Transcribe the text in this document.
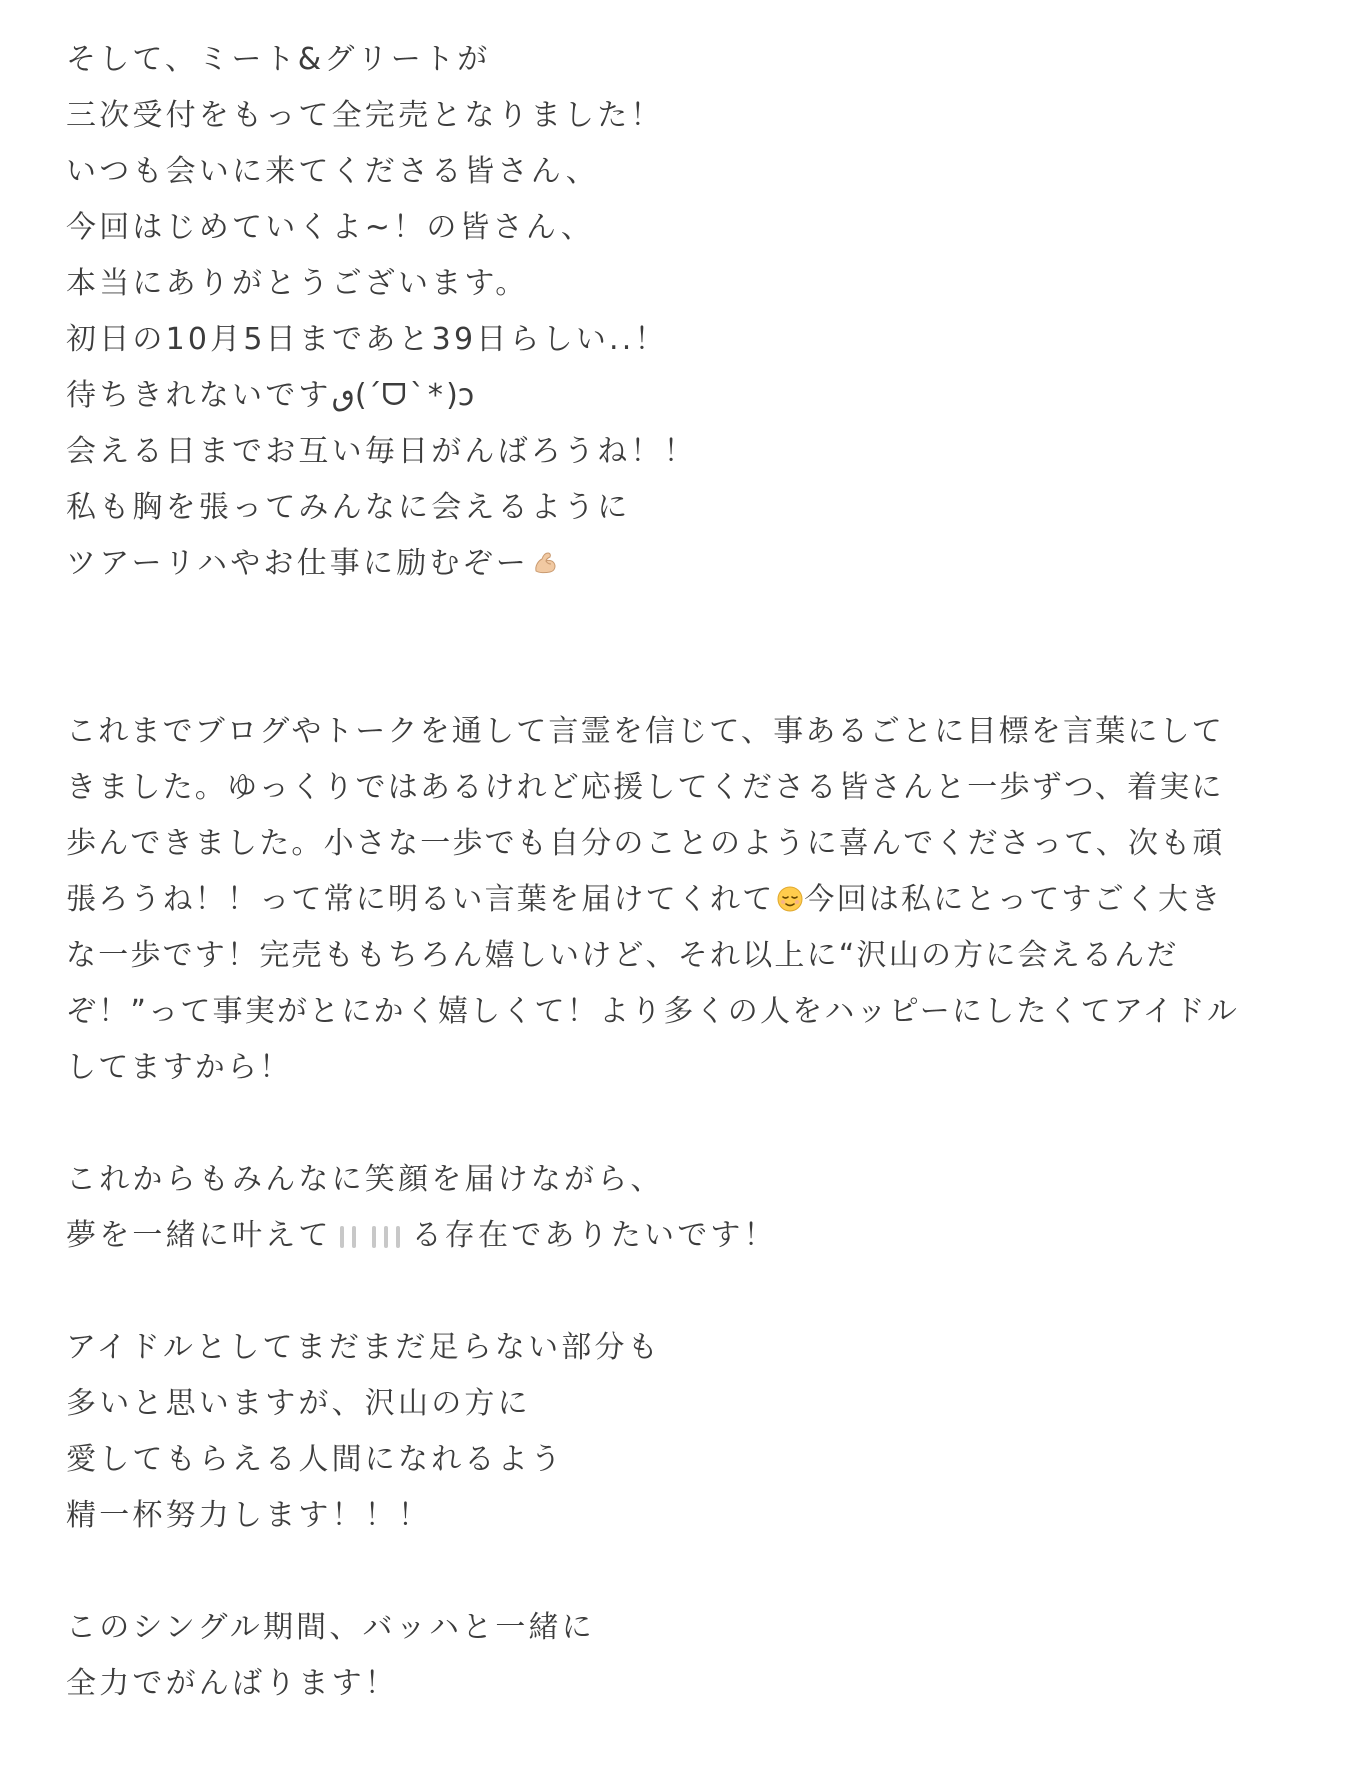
そして、ミート&グリートが
三次受付をもって全完売となりました！
いつも会いに来てくださる皆さん、
今回はじめていくよ~！の皆さん、
本当にありがとうございます。
初日の10月5日まであと39日らしい..！
待ちきれないですٯ(´ᗜ`*)ↄ
会える日までお互い毎日がんばろうね！！
私も胸を張ってみんなに会えるように
ツアーリハやお仕事に励むぞー
これまでブログやトークを通して言霊を信じて、事あるごとに目標を言葉にして
きました。ゆっくりではあるけれど応援してくださる皆さんと一歩ずつ、着実に
歩んできました。小さな一歩でも自分のことのように喜んでくださって、次も頑
張ろうね！！って常に明るい言葉を届けてくれて 今回は私にとってすごく大き
な一歩です！完売ももちろん嬉しいけど、それ以上に“沢山の方に会えるんだ
ぞ！”って事実がとにかく嬉しくて！より多くの人をハッピーにしたくてアイドル
してますから！
これからもみんなに笑顔を届けながら、
夢を一緒に叶えて	る存在でありたいです！
アイドルとしてまだまだ足らない部分も
多いと思いますが、沢山の方に
愛してもらえる人間になれるよう
精一杯努力します！！！
このシングル期間、バッハと一緒に
全力でがんばります！
